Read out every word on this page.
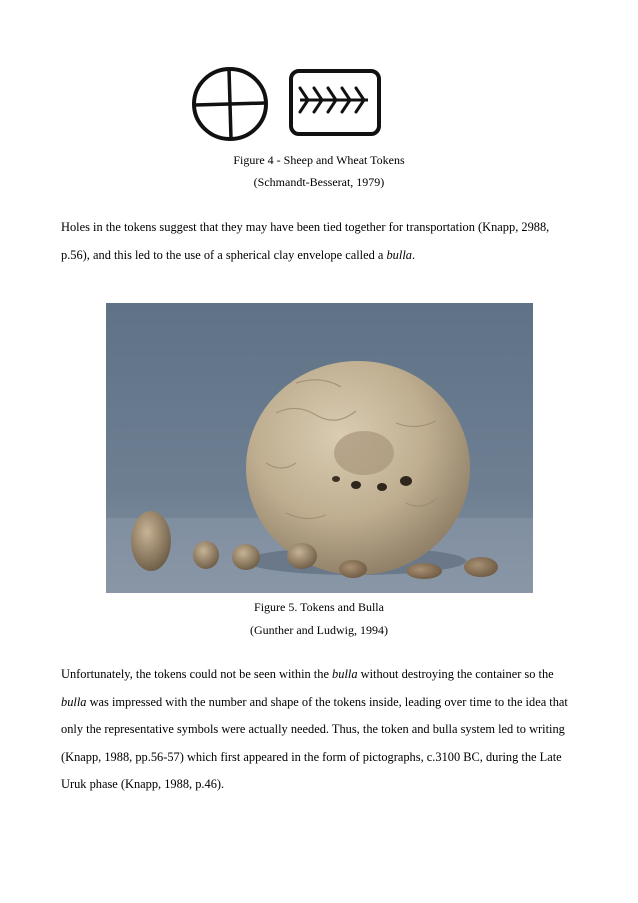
Figure 4 - Sheep and Wheat Tokens
(Schmandt-Besserat, 1979)
Holes in the tokens suggest that they may have been tied together for transportation (Knapp, 2988, p.56), and this led to the use of a spherical clay envelope called a bulla.
Figure 5. Tokens and Bulla
(Gunther and Ludwig, 1994)
Unfortunately, the tokens could not be seen within the bulla without destroying the container so the bulla was impressed with the number and shape of the tokens inside, leading over time to the idea that only the representative symbols were actually needed. Thus, the token and bulla system led to writing (Knapp, 1988, pp.56-57) which first appeared in the form of pictographs, c.3100 BC, during the Late Uruk phase (Knapp, 1988, p.46).
